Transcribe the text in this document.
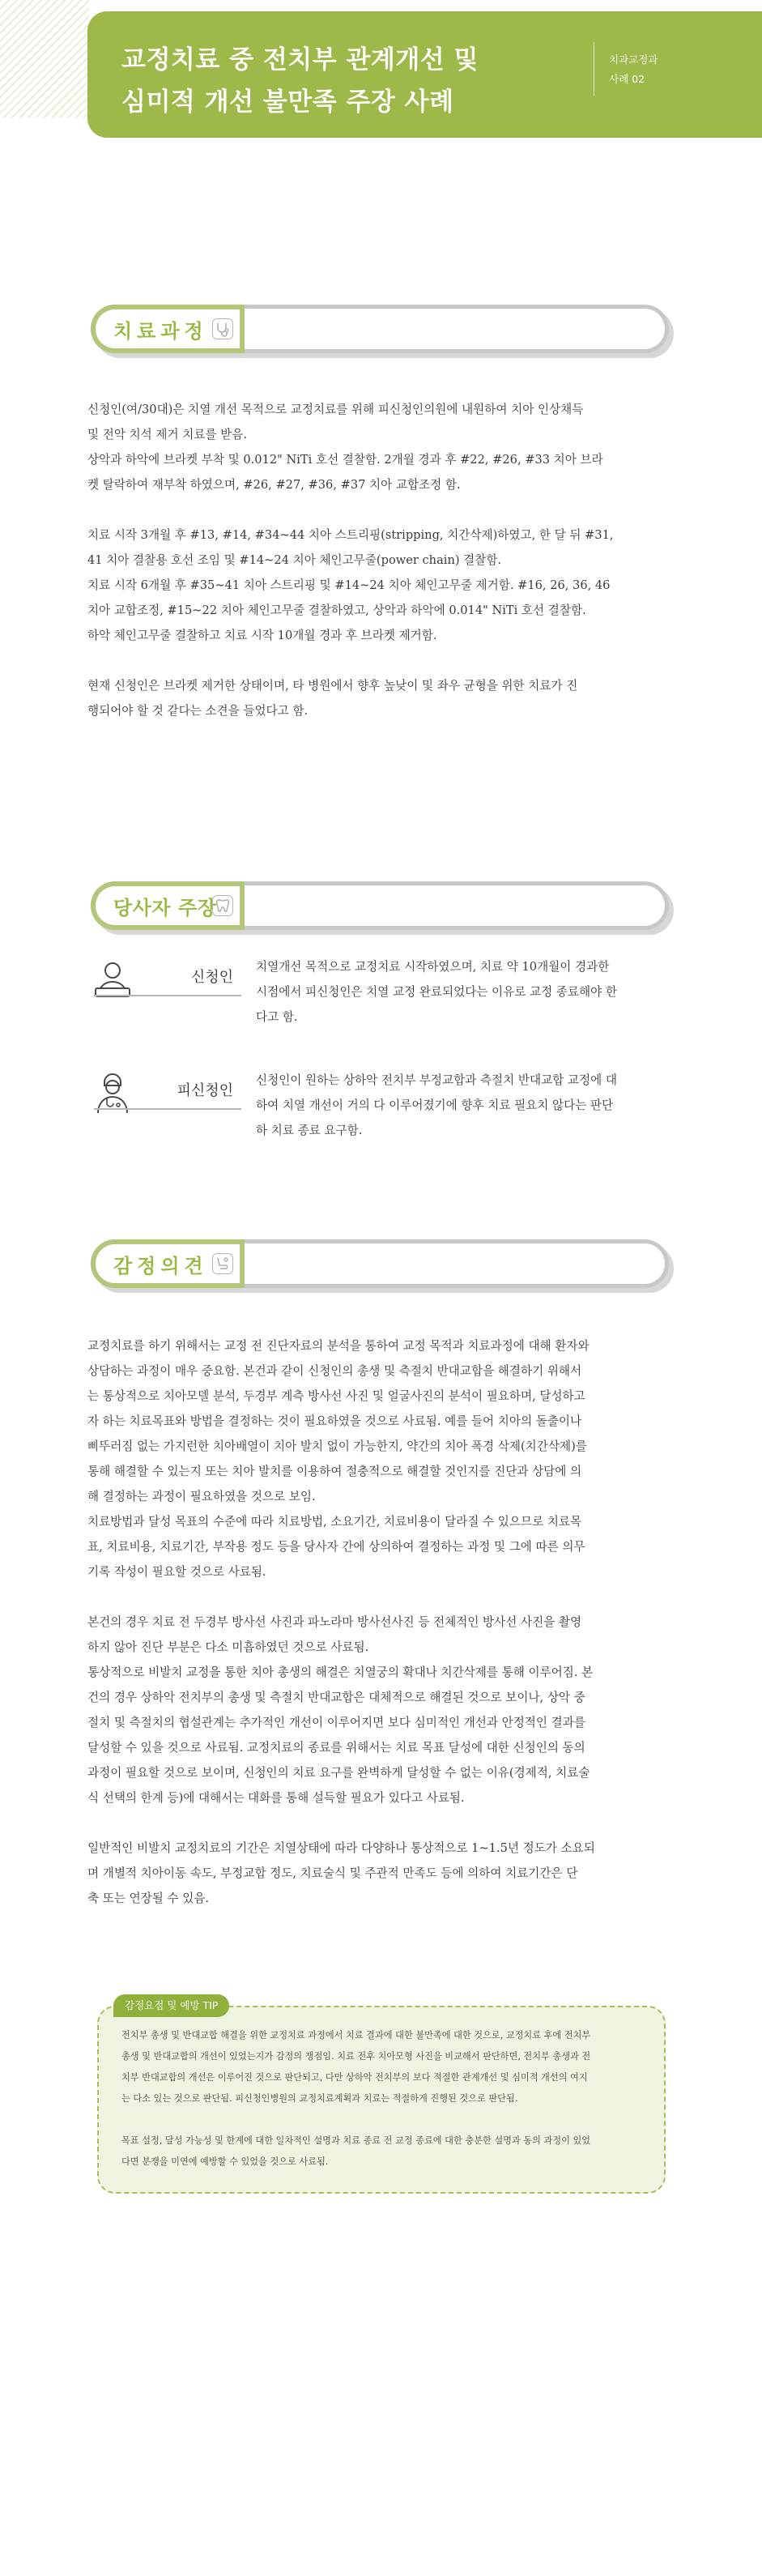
교정치료 중 전치부 관계개선 및
심미적 개선 불만족 주장 사례
치과교정과
사례 02
치료과정

신청인(여/30대)은 치열 개선 목적으로 교정치료를 위해 피신청인의원에 내원하여 치아 인상채득
및 전악 치석 제거 치료를 받음.
상악과 하악에 브라켓 부착 및 0.012" NiTi 호선 결찰함. 2개월 경과 후 #22, #26, #33 치아 브라
켓 탈락하여 재부착 하였으며, #26, #27, #36, #37 치아 교합조정 함.

치료 시작 3개월 후 #13, #14, #34~44 치아 스트리핑(stripping, 치간삭제)하였고, 한 달 뒤 #31,
41 치아 결찰용 호선 조임 및 #14~24 치아 체인고무줄(power chain) 결찰함.
치료 시작 6개월 후 #35~41 치아 스트리핑 및 #14~24 치아 체인고무줄 제거함. #16, 26, 36, 46
치아 교합조정, #15~22 치아 체인고무줄 결찰하였고, 상악과 하악에 0.014" NiTi 호선 결찰함.
하악 체인고무줄 결찰하고 치료 시작 10개월 경과 후 브라켓 제거함.

현재 신청인은 브라켓 제거한 상태이며, 타 병원에서 향후 높낮이 및 좌우 균형을 위한 치료가 진
행되어야 할 것 같다는 소견을 들었다고 함.

당사자 주장
신청인

치열개선 목적으로 교정치료 시작하였으며, 치료 약 10개월이 경과한
시점에서 피신청인은 치열 교정 완료되었다는 이유로 교정 종료해야 한
다고 함.

피신청인

신청인이 원하는 상하악 전치부 부정교합과 측절치 반대교합 교정에 대
하여 치열 개선이 거의 다 이루어졌기에 향후 치료 필요치 않다는 판단
하 치료 종료 요구함.

감정의견

교정치료를 하기 위해서는 교정 전 진단자료의 분석을 통하여 교정 목적과 치료과정에 대해 환자와
상담하는 과정이 매우 중요함. 본건과 같이 신청인의 총생 및 측절치 반대교합을 해결하기 위해서
는 통상적으로 치아모델 분석, 두경부 계측 방사선 사진 및 얼굴사진의 분석이 필요하며, 달성하고
자 하는 치료목표와 방법을 결정하는 것이 필요하였을 것으로 사료됨. 예를 들어 치아의 돌출이나
삐뚜러짐 없는 가지런한 치아배열이 치아 발치 없이 가능한지, 약간의 치아 폭경 삭제(치간삭제)를
통해 해결할 수 있는지 또는 치아 발치를 이용하여 절충적으로 해결할 것인지를 진단과 상담에 의
해 결정하는 과정이 필요하였을 것으로 보임.
치료방법과 달성 목표의 수준에 따라 치료방법, 소요기간, 치료비용이 달라질 수 있으므로 치료목
표, 치료비용, 치료기간, 부작용 정도 등을 당사자 간에 상의하여 결정하는 과정 및 그에 따른 의무
기록 작성이 필요할 것으로 사료됨.

본건의 경우 치료 전 두경부 방사선 사진과 파노라마 방사선사진 등 전체적인 방사선 사진을 촬영
하지 않아 진단 부분은 다소 미흡하였던 것으로 사료됨.
통상적으로 비발치 교정을 통한 치아 총생의 해결은 치열궁의 확대나 치간삭제를 통해 이루어짐. 본
건의 경우 상하악 전치부의 총생 및 측절치 반대교합은 대체적으로 해결된 것으로 보이나, 상악 중
절치 및 측절치의 협설관계는 추가적인 개선이 이루어지면 보다 심미적인 개선과 안정적인 결과를
달성할 수 있을 것으로 사료됨. 교정치료의 종료를 위해서는 치료 목표 달성에 대한 신청인의 동의
과정이 필요할 것으로 보이며, 신청인의 치료 요구를 완벽하게 달성할 수 없는 이유(경제적, 치료술
식 선택의 한계 등)에 대해서는 대화를 통해 설득할 필요가 있다고 사료됨.

일반적인 비발치 교정치료의 기간은 치열상태에 따라 다양하나 통상적으로 1~1.5년 정도가 소요되
며 개별적 치아이동 속도, 부정교합 정도, 치료술식 및 주관적 만족도 등에 의하여 치료기간은 단
축 또는 연장될 수 있음.

감정요점 및 예방 TIP

전치부 총생 및 반대교합 해결을 위한 교정치료 과정에서 치료 결과에 대한 불만족에 대한 것으로, 교정치료 후에 전치부
총생 및 반대교합의 개선이 있었는지가 감정의 쟁점임. 치료 전후 치아모형 사진을 비교해서 판단하면, 전치부 총생과 전
치부 반대교합의 개선은 이루어진 것으로 판단되고, 다만 상하악 전치부의 보다 적절한 관계개선 및 심미적 개선의 여지
는 다소 있는 것으로 판단됨. 피신청인병원의 교정치료계획과 치료는 적절하게 진행된 것으로 판단됨.

목표 설정, 달성 가능성 및 한계에 대한 일차적인 설명과 치료 종료 전 교정 종료에 대한 충분한 설명과 동의 과정이 있었
다면 분쟁을 미연에 예방할 수 있었을 것으로 사료됨.
